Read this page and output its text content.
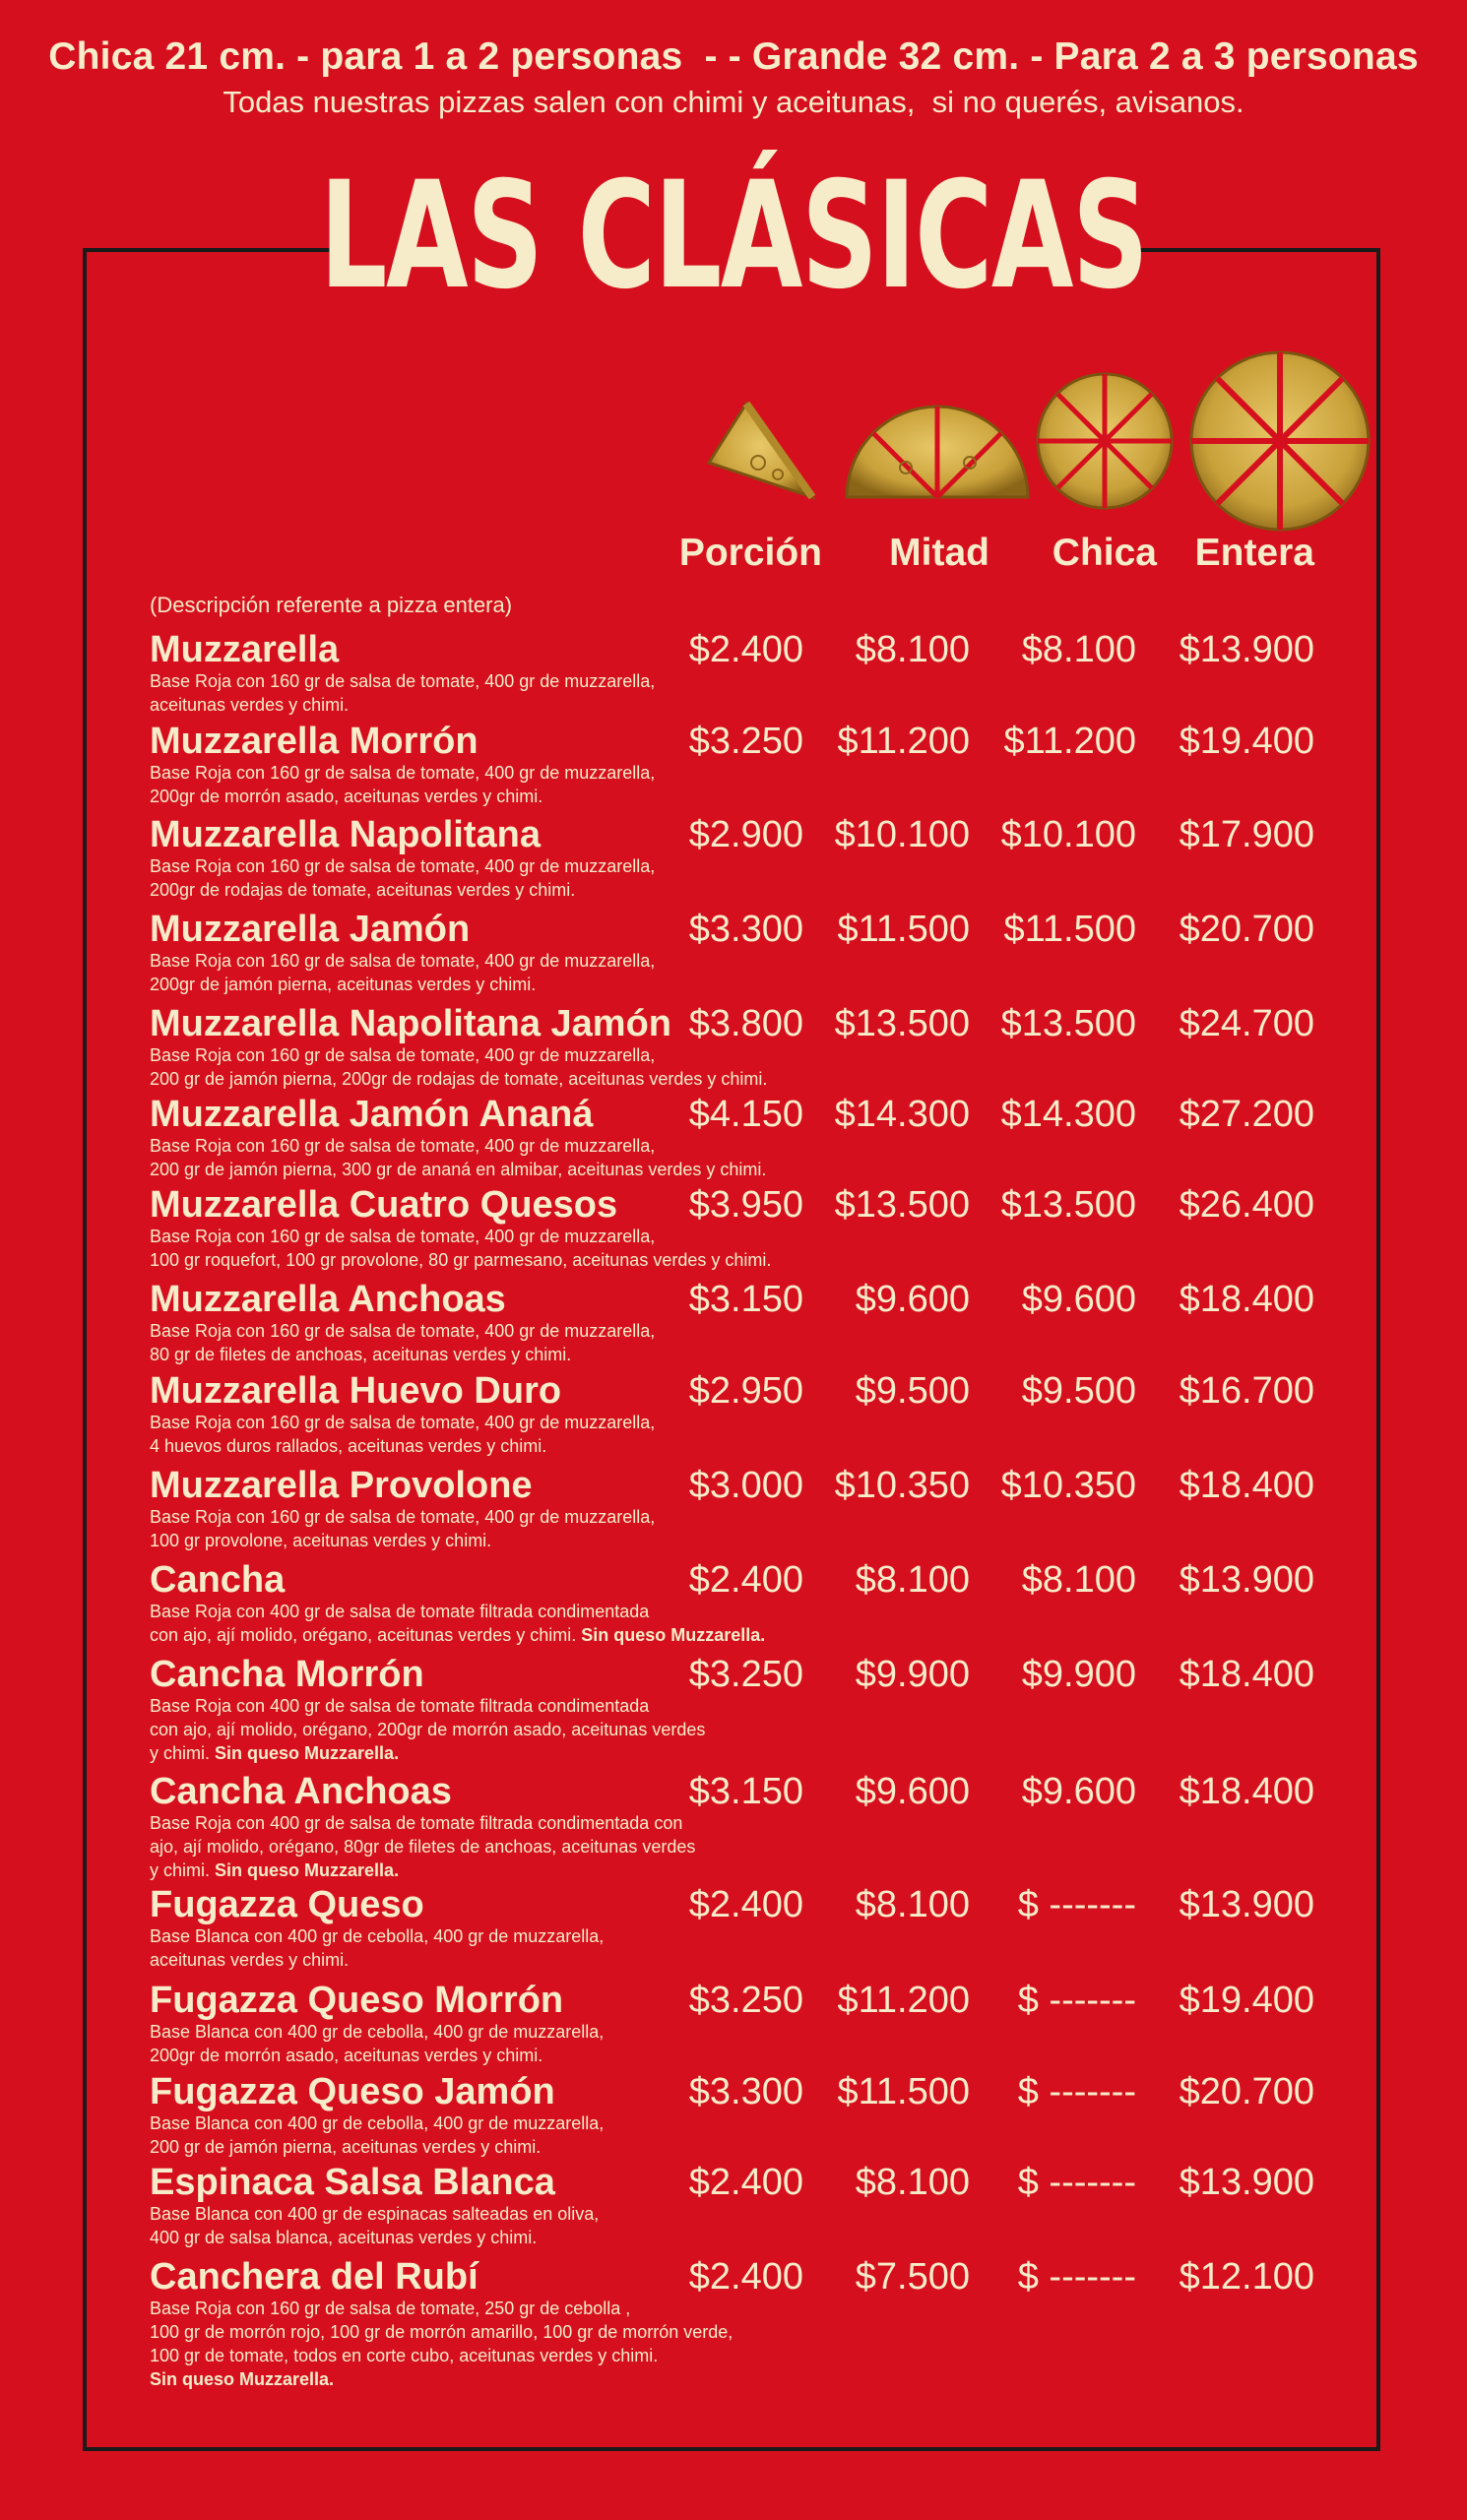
Chica 21 cm. - para 1 a 2 personas  - - Grande 32 cm. - Para 2 a 3 personas
Todas nuestras pizzas salen con chimi y aceitunas,  si no querés, avisanos.
LAS CLÁSICAS
Porción	Mitad	Chica Entera
(Descripción referente a pizza entera)
Muzzarella
Base Roja con 160 gr de salsa de tomate, 400 gr de muzzarella,
aceitunas verdes y chimi.
$2.400 $8.100 $8.100 $13.900
Muzzarella Morrón
Base Roja con 160 gr de salsa de tomate, 400 gr de muzzarella,
200gr de morrón asado, aceitunas verdes y chimi.
$3.250 $11.200 $11.200 $19.400
Muzzarella Napolitana
Base Roja con 160 gr de salsa de tomate, 400 gr de muzzarella,
200gr de rodajas de tomate, aceitunas verdes y chimi.
$2.900 $10.100 $10.100 $17.900
Muzzarella Jamón
Base Roja con 160 gr de salsa de tomate, 400 gr de muzzarella,
200gr de jamón pierna, aceitunas verdes y chimi.
$3.300 $11.500 $11.500 $20.700
Muzzarella Napolitana Jamón
Base Roja con 160 gr de salsa de tomate, 400 gr de muzzarella,
200 gr de jamón pierna, 200gr de rodajas de tomate, aceitunas verdes y chimi.
$3.800 $13.500 $13.500 $24.700
Muzzarella Jamón Ananá
Base Roja con 160 gr de salsa de tomate, 400 gr de muzzarella,
200 gr de jamón pierna, 300 gr de ananá en almibar, aceitunas verdes y chimi.
$4.150 $14.300 $14.300 $27.200
Muzzarella Cuatro Quesos
Base Roja con 160 gr de salsa de tomate, 400 gr de muzzarella,
100 gr roquefort, 100 gr provolone, 80 gr parmesano, aceitunas verdes y chimi.
$3.950 $13.500 $13.500 $26.400
Muzzarella Anchoas
Base Roja con 160 gr de salsa de tomate, 400 gr de muzzarella,
80 gr de filetes de anchoas, aceitunas verdes y chimi.
$3.150 $9.600 $9.600 $18.400
Muzzarella Huevo Duro
Base Roja con 160 gr de salsa de tomate, 400 gr de muzzarella,
4 huevos duros rallados, aceitunas verdes y chimi.
$2.950 $9.500 $9.500 $16.700
Muzzarella Provolone
Base Roja con 160 gr de salsa de tomate, 400 gr de muzzarella,
100 gr provolone, aceitunas verdes y chimi.
$3.000 $10.350 $10.350 $18.400
Cancha
Base Roja con 400 gr de salsa de tomate filtrada condimentada
con ajo, ají molido, orégano, aceitunas verdes y chimi. Sin queso Muzzarella.
$2.400 $8.100 $8.100 $13.900
Cancha Morrón
Base Roja con 400 gr de salsa de tomate filtrada condimentada
con ajo, ají molido, orégano, 200gr de morrón asado, aceitunas verdes
y chimi. Sin queso Muzzarella.
$3.250 $9.900 $9.900 $18.400
Cancha Anchoas
Base Roja con 400 gr de salsa de tomate filtrada condimentada con
ajo, ají molido, orégano, 80gr de filetes de anchoas, aceitunas verdes
y chimi. Sin queso Muzzarella.
$3.150 $9.600 $9.600 $18.400
Fugazza Queso
Base Blanca con 400 gr de cebolla, 400 gr de muzzarella,
aceitunas verdes y chimi.
$2.400 $8.100 $ ------- $13.900
Fugazza Queso Morrón
Base Blanca con 400 gr de cebolla, 400 gr de muzzarella,
200gr de morrón asado, aceitunas verdes y chimi.
$3.250 $11.200 $ ------- $19.400
Fugazza Queso Jamón
Base Blanca con 400 gr de cebolla, 400 gr de muzzarella,
200 gr de jamón pierna, aceitunas verdes y chimi.
$3.300 $11.500 $ ------- $20.700
Espinaca Salsa Blanca
Base Blanca con 400 gr de espinacas salteadas en oliva,
400 gr de salsa blanca, aceitunas verdes y chimi.
$2.400 $8.100 $ ------- $13.900
Canchera del Rubí
Base Roja con 160 gr de salsa de tomate, 250 gr de cebolla ,
100 gr de morrón rojo, 100 gr de morrón amarillo, 100 gr de morrón verde,
100 gr de tomate, todos en corte cubo, aceitunas verdes y chimi.
Sin queso Muzzarella.
$2.400 $7.500 $ ------- $12.100
